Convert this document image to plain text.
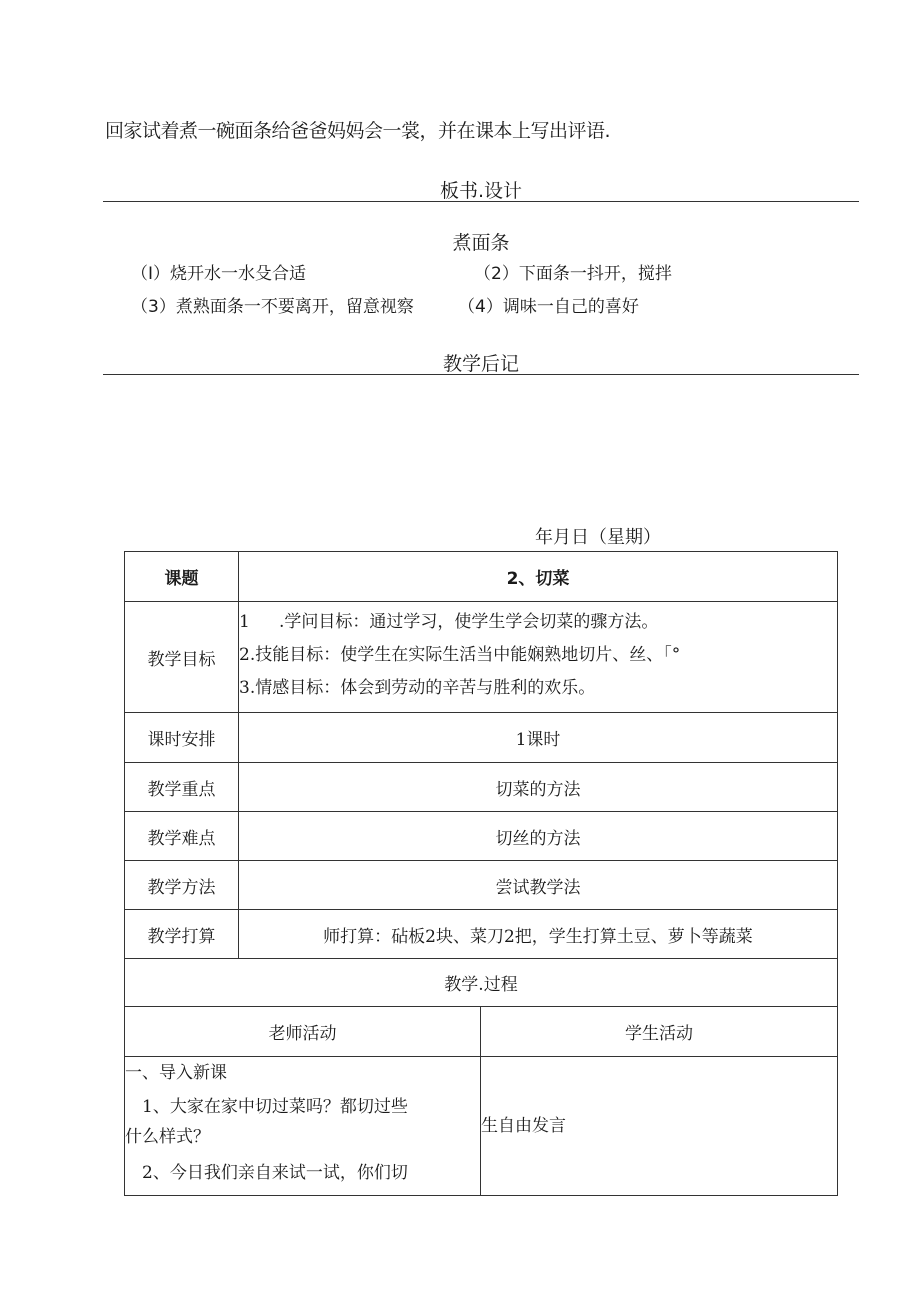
回家试着煮一碗面条给爸爸妈妈会一裳，并在课本上写出评语.
板书.设计
煮面条
（I）烧开水一水殳合适	（2）下面条一抖开，搅拌
（3）煮熟面条一不要离开，留意视察	（4）调味一自己的喜好
教学后记
年月日（星期）
课题	2、切菜	
教学目标	1 .学问目标：通过学习，使学生学会切菜的骤方法。
2.技能目标：使学生在实际生活当中能娴熟地切片、丝、「°
3.情感目标：体会到劳动的辛苦与胜利的欢乐。	

课时安排	1课时	
教学重点	切菜的方法	
教学难点	切丝的方法	
教学方法	尝试教学法	
教学打算	师打算：砧板2块、菜刀2把，学生打算土豆、萝卜等蔬菜	
教学.过程		
老师活动		学生活动

一、导入新课
　1、大家在家中切过菜吗？都切过些
什么样式？
　2、今日我们亲自来试一试，你们切		生自由发言
